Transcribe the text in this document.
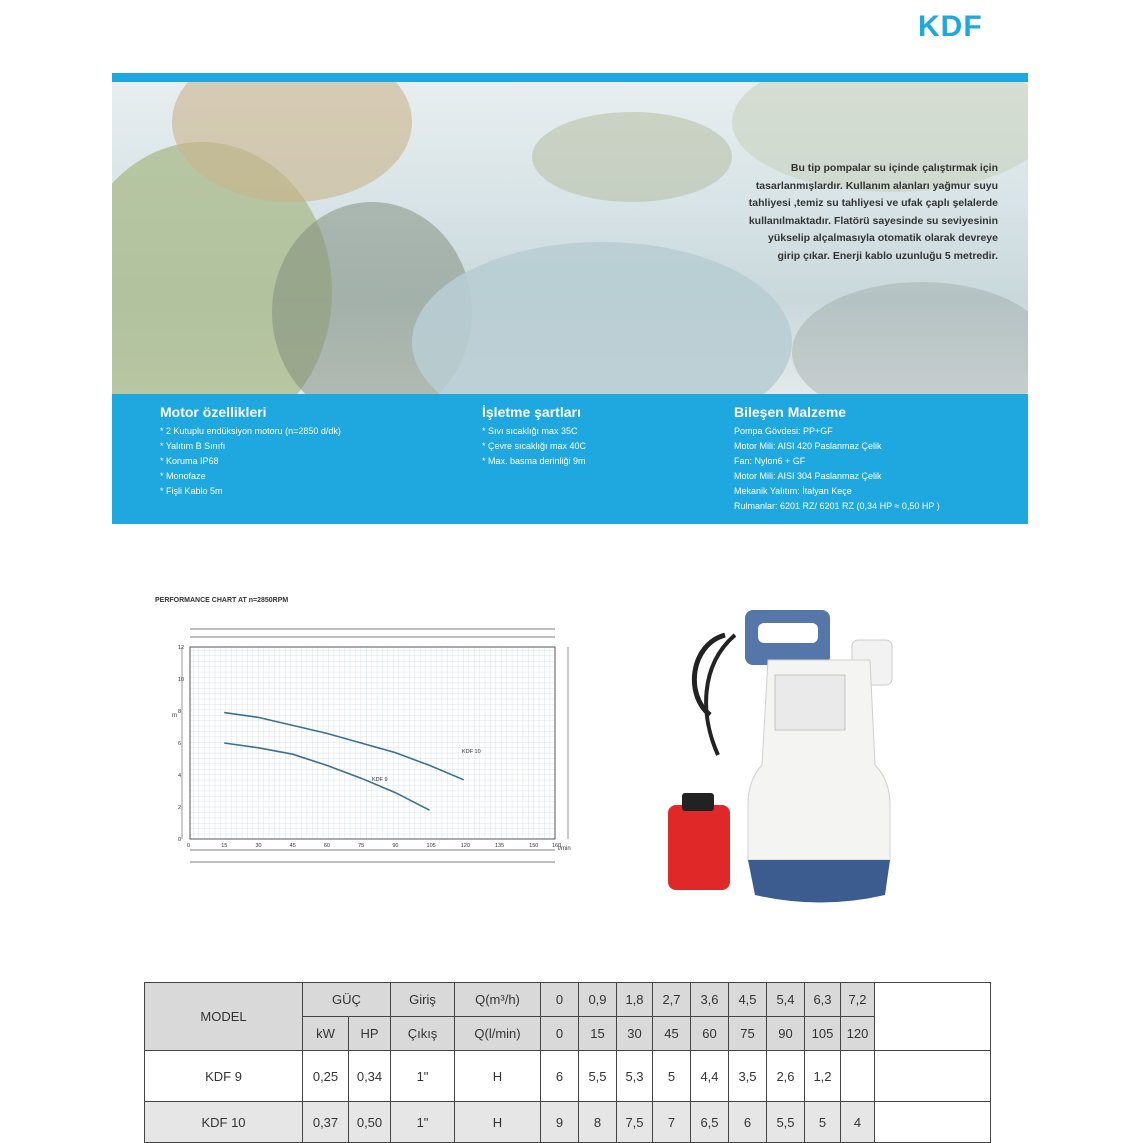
KDF
Bu tip pompalar su içinde çalıştırmak için
tasarlanmışlardır. Kullanım alanları yağmur suyu
tahliyesi ,temiz su tahliyesi ve ufak çaplı şelalerde
kullanılmaktadır. Flatörü sayesinde su seviyesinin
yükselip alçalmasıyla otomatik olarak devreye
girip çıkar. Enerji kablo uzunluğu 5 metredir.
Motor özellikleri
* 2 Kutuplu endüksiyon motoru (n=2850 d/dk)
* Yalıtım B Sınıfı
* Koruma IP68
* Monofaze
* Fişli Kablo 5m
İşletme şartları
* Sıvı sıcaklığı max 35C
* Çevre sıcaklığı max 40C
* Max. basma derinliği 9m
Bileşen Malzeme
Pompa Gövdesi: PP+GF
Motor Mili: AISI 420 Paslanmaz Çelik
Fan: Nylon6 + GF
Motor Mili: AISI 304 Paslanmaz Çelik
Mekanik Yalıtım: İtalyan Keçe
Rulmanlar: 6201 RZ/ 6201 RZ (0,34 HP ≈ 0,50 HP )
PERFORMANCE CHART AT n=2850RPM
0	15	30	45	60	75	90	105	120	135	150 160
0
2
4
6
8
10
12
l/min
m
KDF 10
KDF 9
MODEL	GÜÇ		Giriş	Q(m³/h)	0	0,9	1,8	2,7	3,6	4,5	5,4	6,3	7,2	
	kW	HP	Çıkış	Q(l/min)	0	15	30	45	60	75	90	105	120	
KDF 9	0,25	0,34	1"	H	6	5,5	5,3	5	4,4	3,5	2,6	1,2		
KDF 10	0,37	0,50	1"	H	9	8	7,5	7	6,5	6	5,5	5	4	
